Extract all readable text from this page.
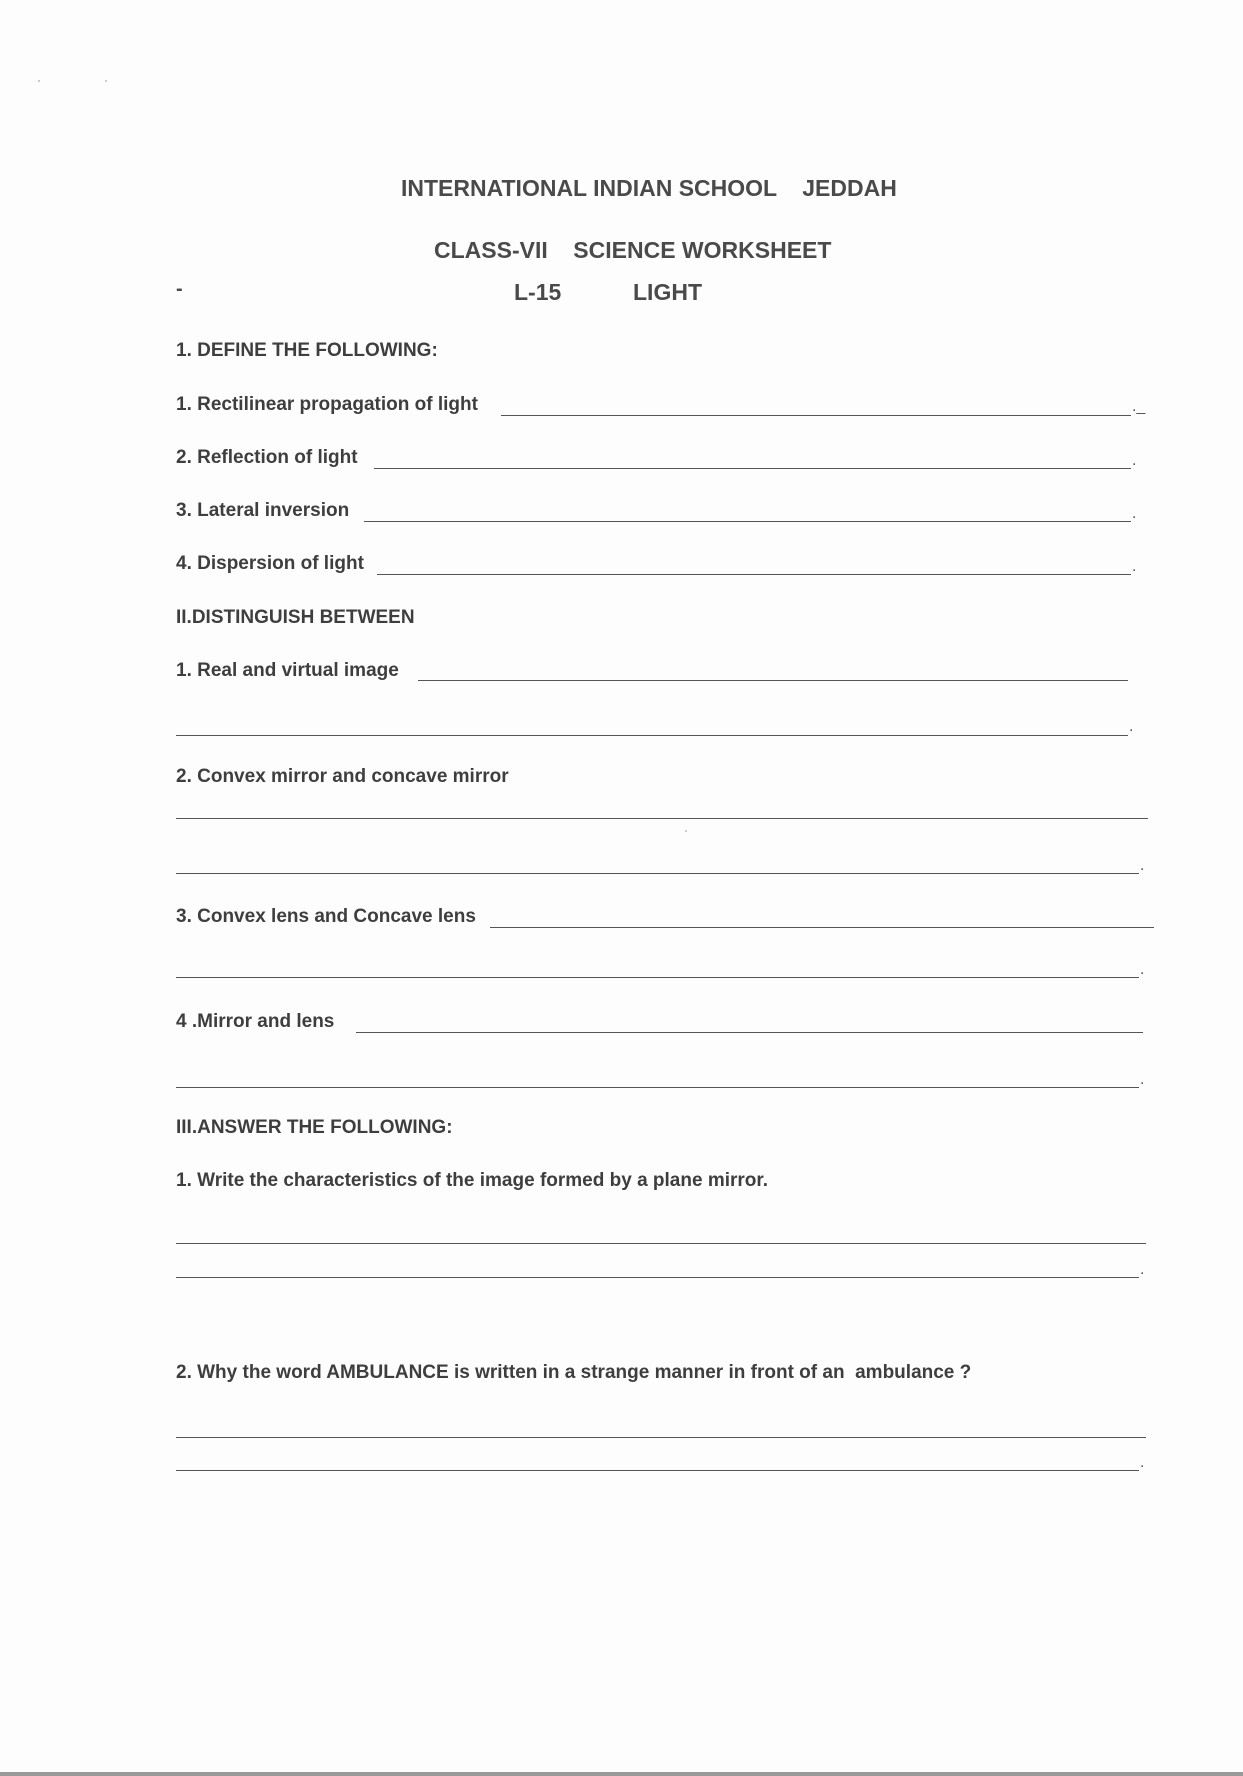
INTERNATIONAL INDIAN SCHOOL    JEDDAH
CLASS-VII    SCIENCE WORKSHEET
-	L-15	LIGHT
1. DEFINE THE FOLLOWING:
1. Rectilinear propagation of light	._
2. Reflection of light	.
3. Lateral inversion	.
4. Dispersion of light	.
II.DISTINGUISH BETWEEN
1. Real and virtual image
.
2. Convex mirror and concave mirror
.
3. Convex lens and Concave lens
.
4 .Mirror and lens
.
III.ANSWER THE FOLLOWING:
1. Write the characteristics of the image formed by a plane mirror.
.
2. Why the word AMBULANCE is written in a strange manner in front of an  ambulance ?
.
